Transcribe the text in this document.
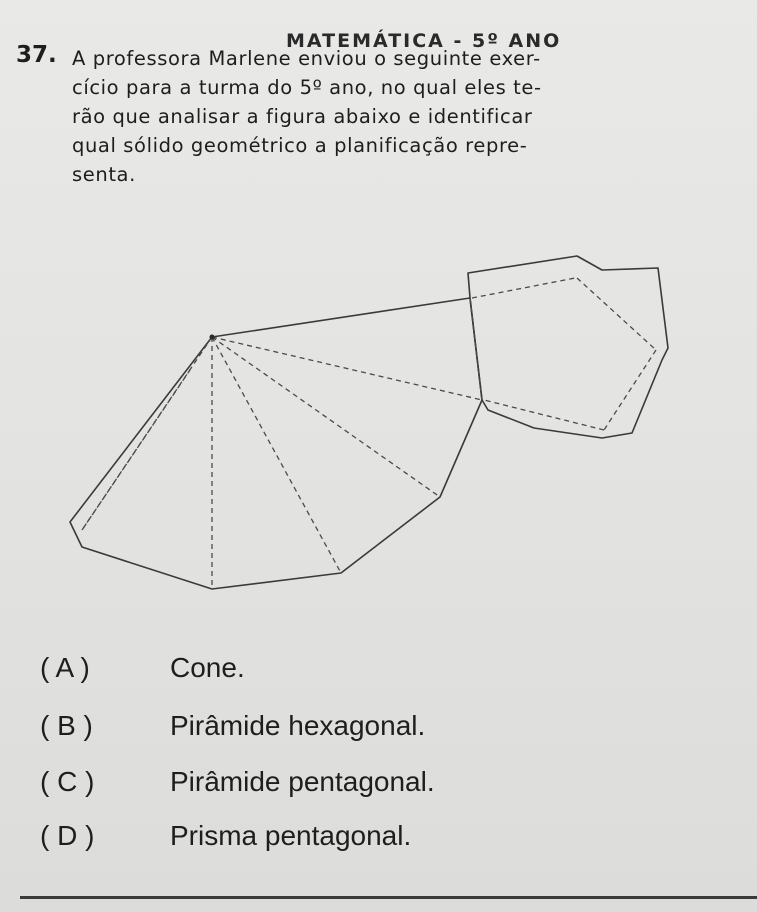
MATEMÁTICA - 5º ANO
37. A professora Marlene enviou o seguinte exer-
cício para a turma do 5º ano, no qual eles te-
rão que analisar a figura abaixo e identificar
qual sólido geométrico a planificação repre-
senta.
( A )	Cone.
( B )	Pirâmide hexagonal.
( C )	Pirâmide pentagonal.
( D )	Prisma pentagonal.
